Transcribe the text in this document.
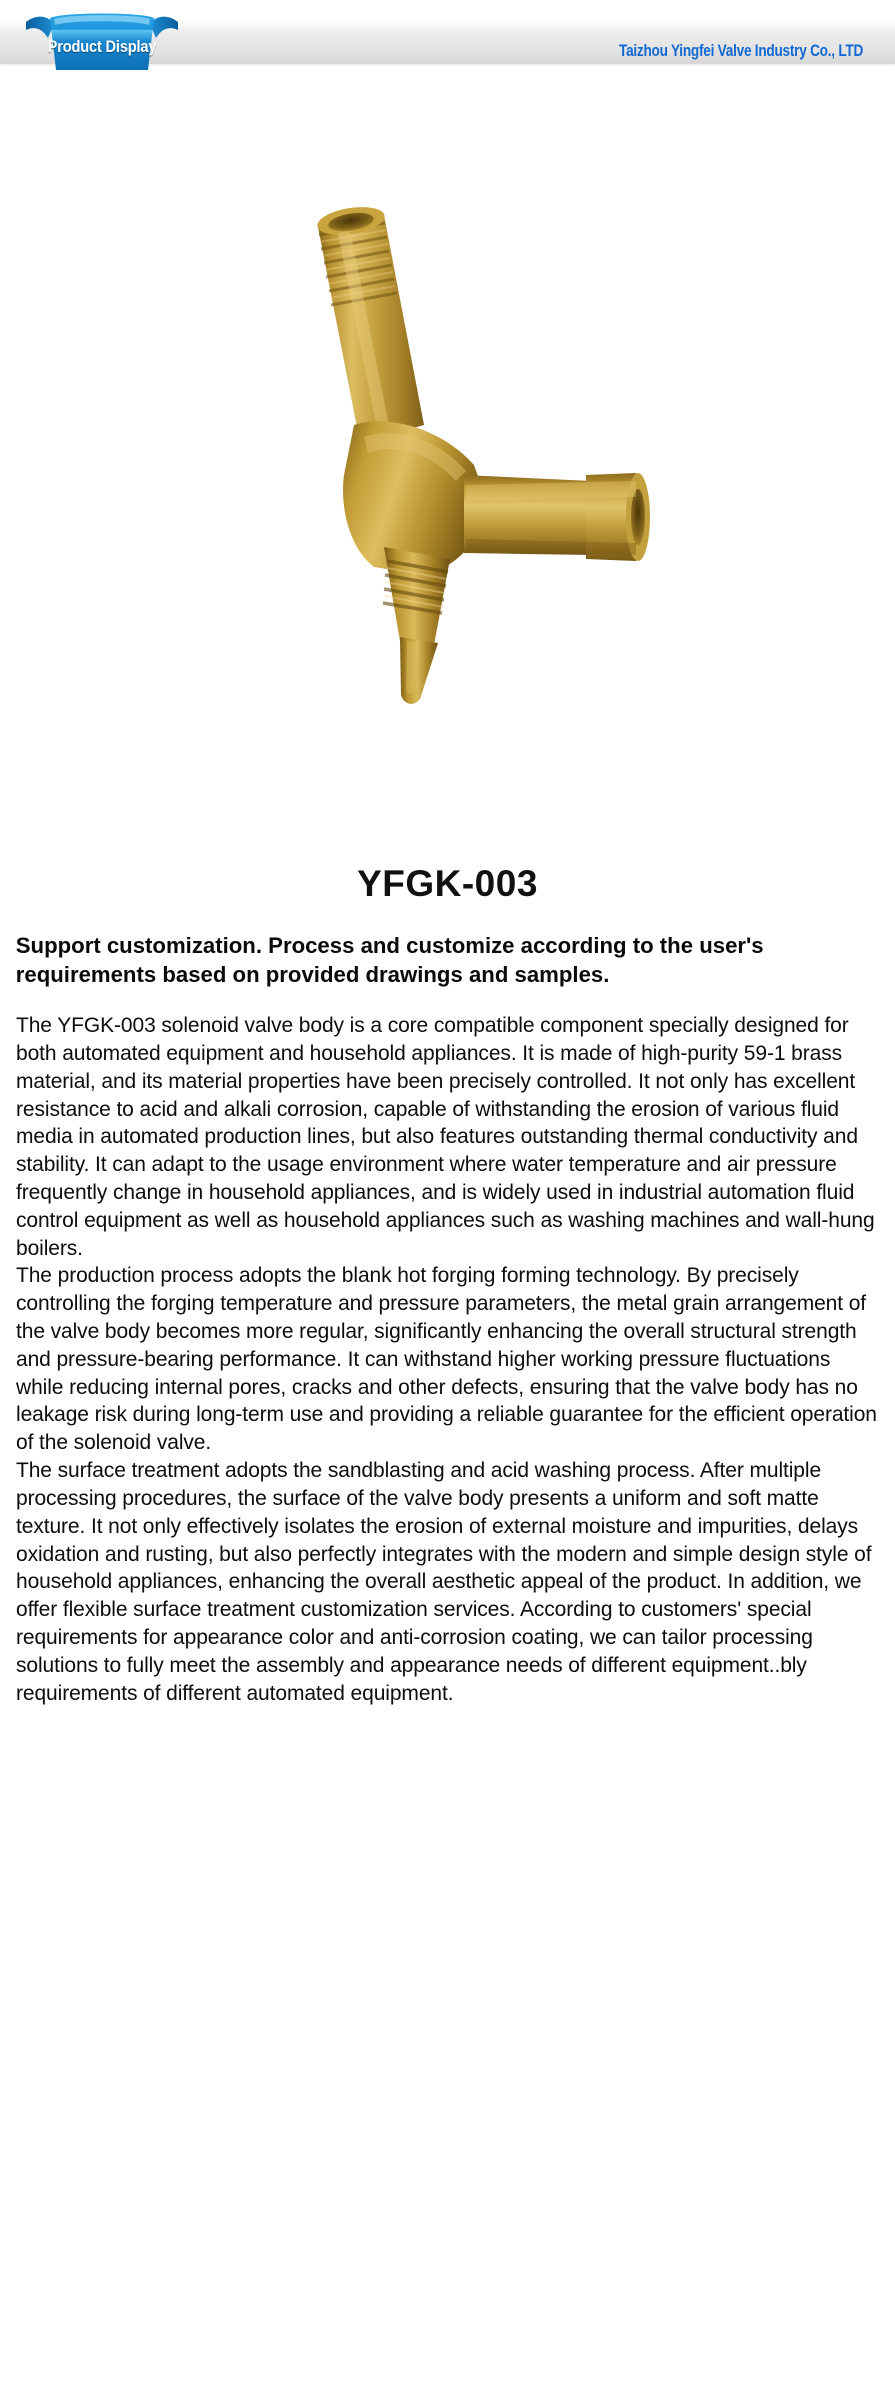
Product Display	Taizhou Yingfei Valve Industry Co., LTD
YFGK-003

Support customization. Process and customize according to the user's requirements based on provided drawings and samples.

The YFGK-003 solenoid valve body is a core compatible component specially designed for both automated equipment and household appliances. It is made of high-purity 59-1 brass material, and its material properties have been precisely controlled. It not only has excellent resistance to acid and alkali corrosion, capable of withstanding the erosion of various fluid media in automated production lines, but also features outstanding thermal conductivity and stability. It can adapt to the usage environment where water temperature and air pressure frequently change in household appliances, and is widely used in industrial automation fluid control equipment as well as household appliances such as washing machines and wall-hung boilers.

The production process adopts the blank hot forging forming technology. By precisely controlling the forging temperature and pressure parameters, the metal grain arrangement of the valve body becomes more regular, significantly enhancing the overall structural strength and pressure-bearing performance. It can withstand higher working pressure fluctuations while reducing internal pores, cracks and other defects, ensuring that the valve body has no leakage risk during long-term use and providing a reliable guarantee for the efficient operation of the solenoid valve.

The surface treatment adopts the sandblasting and acid washing process. After multiple processing procedures, the surface of the valve body presents a uniform and soft matte texture. It not only effectively isolates the erosion of external moisture and impurities, delays oxidation and rusting, but also perfectly integrates with the modern and simple design style of household appliances, enhancing the overall aesthetic appeal of the product. In addition, we offer flexible surface treatment customization services. According to customers' special requirements for appearance color and anti-corrosion coating, we can tailor processing solutions to fully meet the assembly and appearance needs of different equipment..bly requirements of different automated equipment.
